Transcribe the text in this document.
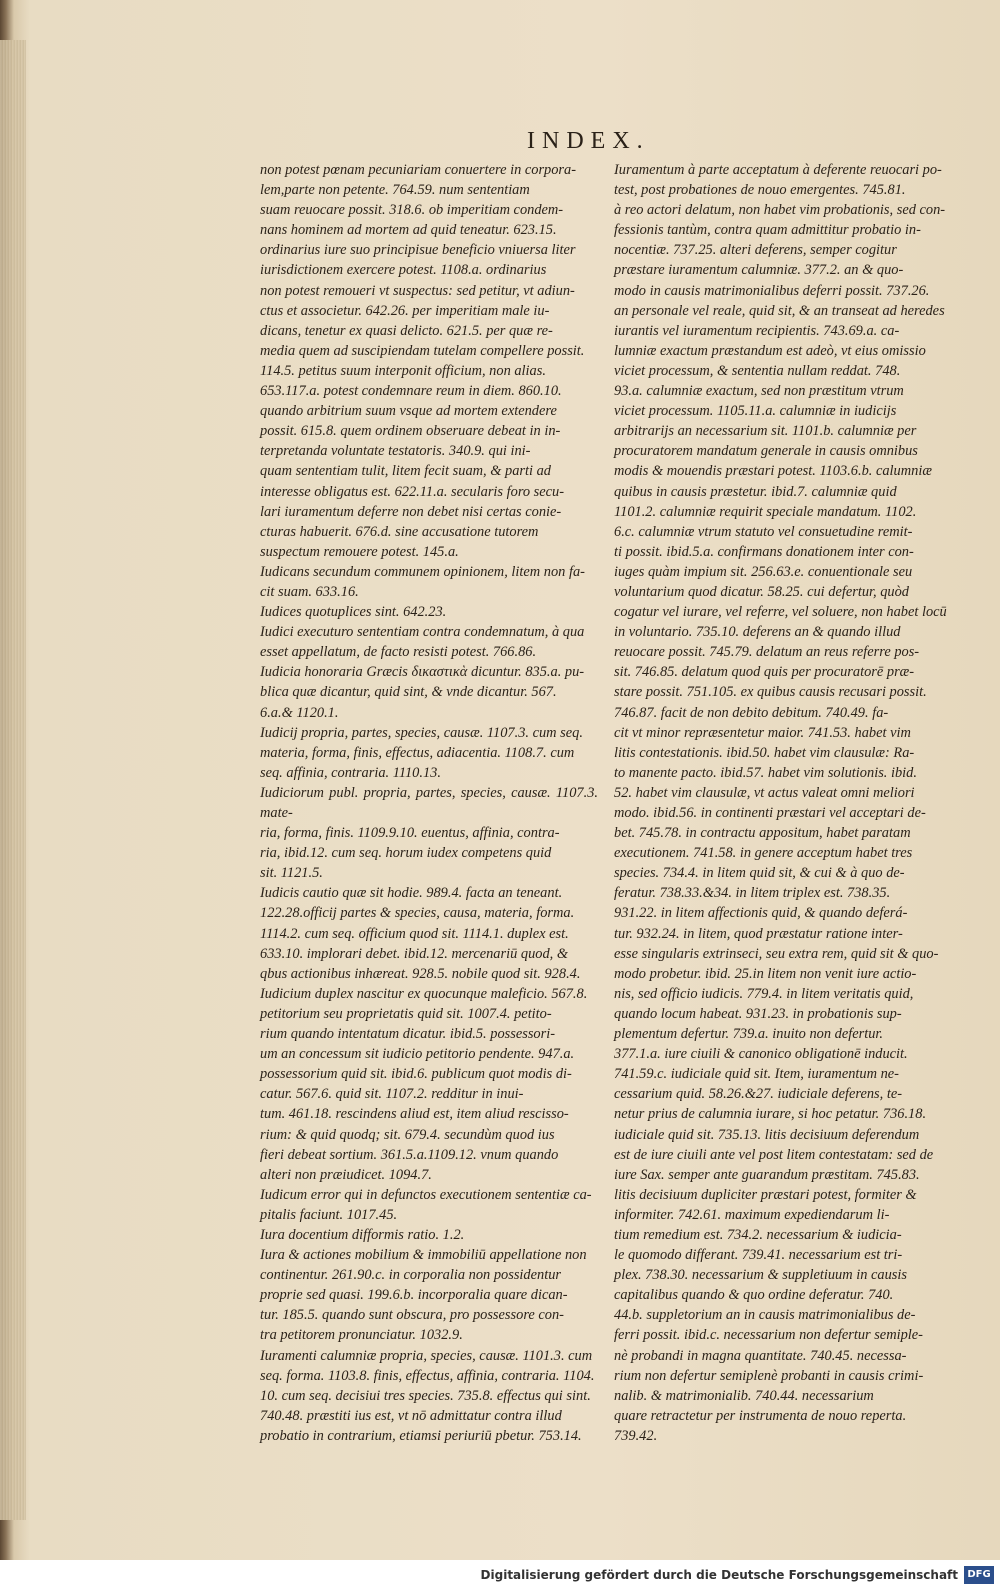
INDEX.

non potest pœnam pecuniariam conuertere in corpora-
lem,parte non petente. 764.59. num sententiam
suam reuocare possit. 318.6. ob imperitiam condem-
nans hominem ad mortem ad quid teneatur. 623.15.
ordinarius iure suo principisue beneficio vniuersa liter
iurisdictionem exercere potest. 1108.a. ordinarius
non potest remoueri vt suspectus: sed petitur, vt adiun-
ctus et associetur. 642.26. per imperitiam male iu-
dicans, tenetur ex quasi delicto. 621.5. per quæ re-
media quem ad suscipiendam tutelam compellere possit.
114.5. petitus suum interponit officium, non alias.
653.117.a. potest condemnare reum in diem. 860.10.
quando arbitrium suum vsque ad mortem extendere
possit. 615.8. quem ordinem obseruare debeat in in-
terpretanda voluntate testatoris. 340.9. qui ini-
quam sententiam tulit, litem fecit suam, & parti ad
interesse obligatus est. 622.11.a. secularis foro secu-
lari iuramentum deferre non debet nisi certas conie-
cturas habuerit. 676.d. sine accusatione tutorem
suspectum remouere potest. 145.a.
Iudicans secundum communem opinionem, litem non fa-
cit suam. 633.16.
Iudices quotuplices sint. 642.23.
Iudici executuro sententiam contra condemnatum, à qua
esset appellatum, de facto resisti potest. 766.86.
Iudicia honoraria Græcis δικαστικὰ dicuntur. 835.a. pu-
blica quæ dicantur, quid sint, & vnde dicantur. 567.
6.a.& 1120.1.
Iudicij propria, partes, species, causæ. 1107.3. cum seq.
materia, forma, finis, effectus, adiacentia. 1108.7. cum
seq. affinia, contraria. 1110.13.
Iudiciorum publ. propria, partes, species, causæ. 1107.3. mate-
ria, forma, finis. 1109.9.10. euentus, affinia, contra-
ria, ibid.12. cum seq. horum iudex competens quid
sit. 1121.5.
Iudicis cautio quæ sit hodie. 989.4. facta an teneant.
122.28.officij partes & species, causa, materia, forma.
1114.2. cum seq. officium quod sit. 1114.1. duplex est.
633.10. implorari debet. ibid.12. mercenariū quod, &
qbus actionibus inhæreat. 928.5. nobile quod sit. 928.4.
Iudicium duplex nascitur ex quocunque maleficio. 567.8.
petitorium seu proprietatis quid sit. 1007.4. petito-
rium quando intentatum dicatur. ibid.5. possessori-
um an concessum sit iudicio petitorio pendente. 947.a.
possessorium quid sit. ibid.6. publicum quot modis di-
catur. 567.6. quid sit. 1107.2. redditur in inui-
tum. 461.18. rescindens aliud est, item aliud rescisso-
rium: & quid quodq; sit. 679.4. secundùm quod ius
fieri debeat sortium. 361.5.a.1109.12. vnum quando
alteri non præiudicet. 1094.7.
Iudicum error qui in defunctos executionem sententiæ ca-
pitalis faciunt. 1017.45.
Iura docentium difformis ratio. 1.2.
Iura & actiones mobilium & immobiliū appellatione non
continentur. 261.90.c. in corporalia non possidentur
proprie sed quasi. 199.6.b. incorporalia quare dican-
tur. 185.5. quando sunt obscura, pro possessore con-
tra petitorem pronunciatur. 1032.9.
Iuramenti calumniæ propria, species, causæ. 1101.3. cum
seq. forma. 1103.8. finis, effectus, affinia, contraria. 1104.
10. cum seq. decisiui tres species. 735.8. effectus qui sint.
740.48. præstiti ius est, vt nō admittatur contra illud
probatio in contrarium, etiamsi periuriū pbetur. 753.14.

Iuramentum à parte acceptatum à deferente reuocari po-
test, post probationes de nouo emergentes. 745.81.
à reo actori delatum, non habet vim probationis, sed con-
fessionis tantùm, contra quam admittitur probatio in-
nocentiæ. 737.25. alteri deferens, semper cogitur
præstare iuramentum calumniæ. 377.2. an & quo-
modo in causis matrimonialibus deferri possit. 737.26.
an personale vel reale, quid sit, & an transeat ad heredes
iurantis vel iuramentum recipientis. 743.69.a. ca-
lumniæ exactum præstandum est adeò, vt eius omissio
viciet processum, & sententia nullam reddat. 748.
93.a. calumniæ exactum, sed non præstitum vtrum
viciet processum. 1105.11.a. calumniæ in iudicijs
arbitrarijs an necessarium sit. 1101.b. calumniæ per
procuratorem mandatum generale in causis omnibus
modis & mouendis præstari potest. 1103.6.b. calumniæ
quibus in causis præstetur. ibid.7. calumniæ quid
1101.2. calumniæ requirit speciale mandatum. 1102.
6.c. calumniæ vtrum statuto vel consuetudine remit-
ti possit. ibid.5.a. confirmans donationem inter con-
iuges quàm impium sit. 256.63.e. conuentionale seu
voluntarium quod dicatur. 58.25. cui defertur, quòd
cogatur vel iurare, vel referre, vel soluere, non habet locū
in voluntario. 735.10. deferens an & quando illud
reuocare possit. 745.79. delatum an reus referre pos-
sit. 746.85. delatum quod quis per procuratorē præ-
stare possit. 751.105. ex quibus causis recusari possit.
746.87. facit de non debito debitum. 740.49. fa-
cit vt minor repræsentetur maior. 741.53. habet vim
litis contestationis. ibid.50. habet vim clausulæ: Ra-
to manente pacto. ibid.57. habet vim solutionis. ibid.
52. habet vim clausulæ, vt actus valeat omni meliori
modo. ibid.56. in continenti præstari vel acceptari de-
bet. 745.78. in contractu appositum, habet paratam
executionem. 741.58. in genere acceptum habet tres
species. 734.4. in litem quid sit, & cui & à quo de-
feratur. 738.33.&34. in litem triplex est. 738.35.
931.22. in litem affectionis quid, & quando deferá-
tur. 932.24. in litem, quod præstatur ratione inter-
esse singularis extrinseci, seu extra rem, quid sit & quo-
modo probetur. ibid. 25.in litem non venit iure actio-
nis, sed officio iudicis. 779.4. in litem veritatis quid,
quando locum habeat. 931.23. in probationis sup-
plementum defertur. 739.a. inuito non defertur.
377.1.a. iure ciuili & canonico obligationē inducit.
741.59.c. iudiciale quid sit. Item, iuramentum ne-
cessarium quid. 58.26.&27. iudiciale deferens, te-
netur prius de calumnia iurare, si hoc petatur. 736.18.
iudiciale quid sit. 735.13. litis decisiuum deferendum
est de iure ciuili ante vel post litem contestatam: sed de
iure Sax. semper ante guarandum præstitam. 745.83.
litis decisiuum dupliciter præstari potest, formiter &
informiter. 742.61. maximum expediendarum li-
tium remedium est. 734.2. necessarium & iudicia-
le quomodo differant. 739.41. necessarium est tri-
plex. 738.30. necessarium & suppletiuum in causis
capitalibus quando & quo ordine deferatur. 740.
44.b. suppletorium an in causis matrimonialibus de-
ferri possit. ibid.c. necessarium non defertur semiple-
nè probandi in magna quantitate. 740.45. necessa-
rium non defertur semiplenè probanti in causis crimi-
nalib. & matrimonialib. 740.44. necessarium
quare retractetur per instrumenta de nouo reperta.
739.42.

Digitalisierung gefördert durch die Deutsche Forschungsgemeinschaft DFG
